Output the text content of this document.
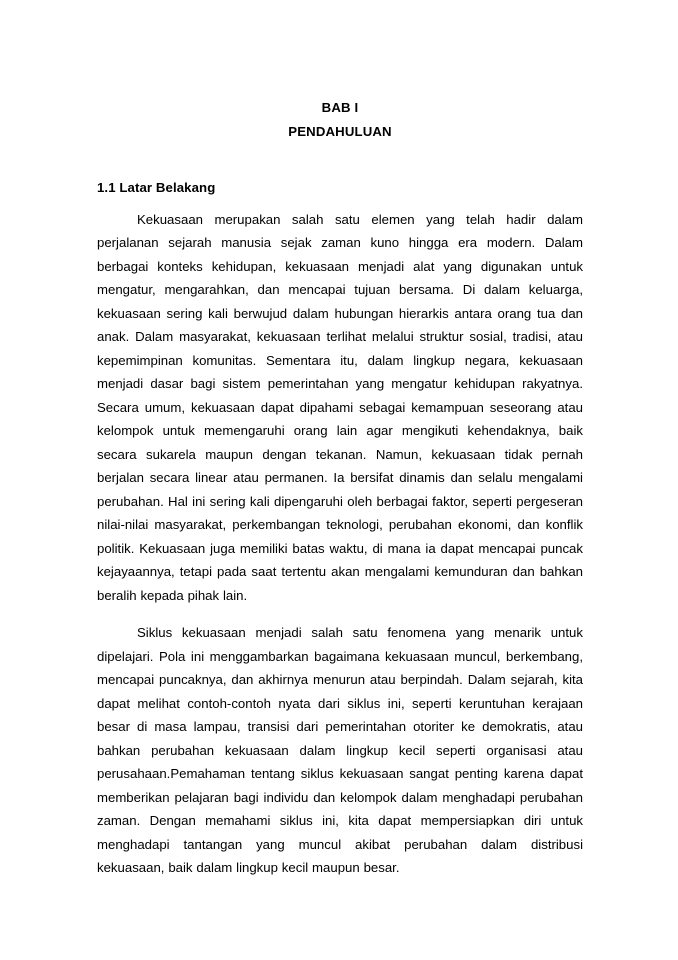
BAB I
PENDAHULUAN
1.1 Latar Belakang

Kekuasaan merupakan salah satu elemen yang telah hadir dalam perjalanan sejarah manusia sejak zaman kuno hingga era modern. Dalam berbagai konteks kehidupan, kekuasaan menjadi alat yang digunakan untuk mengatur, mengarahkan, dan mencapai tujuan bersama. Di dalam keluarga, kekuasaan sering kali berwujud dalam hubungan hierarkis antara orang tua dan anak. Dalam masyarakat, kekuasaan terlihat melalui struktur sosial, tradisi, atau kepemimpinan komunitas. Sementara itu, dalam lingkup negara, kekuasaan menjadi dasar bagi sistem pemerintahan yang mengatur kehidupan rakyatnya. Secara umum, kekuasaan dapat dipahami sebagai kemampuan seseorang atau kelompok untuk memengaruhi orang lain agar mengikuti kehendaknya, baik secara sukarela maupun dengan tekanan. Namun, kekuasaan tidak pernah berjalan secara linear atau permanen. Ia bersifat dinamis dan selalu mengalami perubahan. Hal ini sering kali dipengaruhi oleh berbagai faktor, seperti pergeseran nilai-nilai masyarakat, perkembangan teknologi, perubahan ekonomi, dan konflik politik. Kekuasaan juga memiliki batas waktu, di mana ia dapat mencapai puncak kejayaannya, tetapi pada saat tertentu akan mengalami kemunduran dan bahkan beralih kepada pihak lain.

Siklus kekuasaan menjadi salah satu fenomena yang menarik untuk dipelajari. Pola ini menggambarkan bagaimana kekuasaan muncul, berkembang, mencapai puncaknya, dan akhirnya menurun atau berpindah. Dalam sejarah, kita dapat melihat contoh-contoh nyata dari siklus ini, seperti keruntuhan kerajaan besar di masa lampau, transisi dari pemerintahan otoriter ke demokratis, atau bahkan perubahan kekuasaan dalam lingkup kecil seperti organisasi atau perusahaan.Pemahaman tentang siklus kekuasaan sangat penting karena dapat memberikan pelajaran bagi individu dan kelompok dalam menghadapi perubahan zaman. Dengan memahami siklus ini, kita dapat mempersiapkan diri untuk menghadapi tantangan yang muncul akibat perubahan dalam distribusi kekuasaan, baik dalam lingkup kecil maupun besar.
